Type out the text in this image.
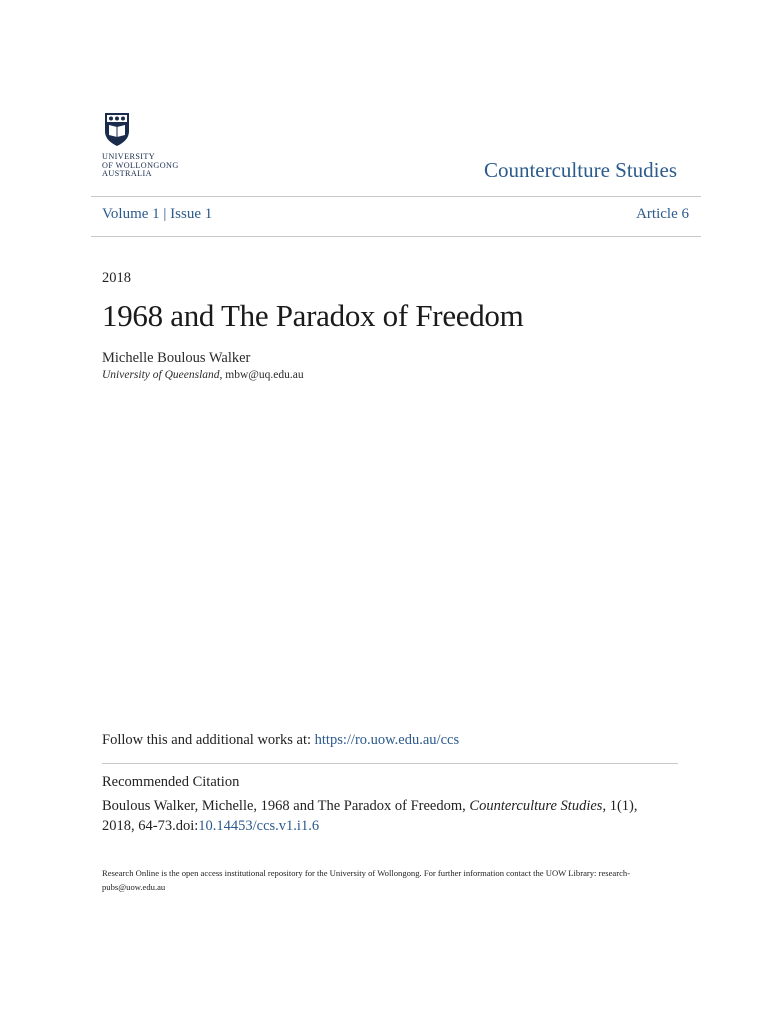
UNIVERSITY
OF WOLLONGONG
AUSTRALIA	Counterculture Studies
Volume 1 | Issue 1	Article 6
2018
1968 and The Paradox of Freedom
Michelle Boulous Walker
University of Queensland, mbw@uq.edu.au
Follow this and additional works at: https://ro.uow.edu.au/ccs
Recommended Citation
Boulous Walker, Michelle, 1968 and The Paradox of Freedom, Counterculture Studies, 1(1), 2018, 64-73.doi:10.14453/ccs.v1.i1.6
Research Online is the open access institutional repository for the University of Wollongong. For further information contact the UOW Library: research-pubs@uow.edu.au
